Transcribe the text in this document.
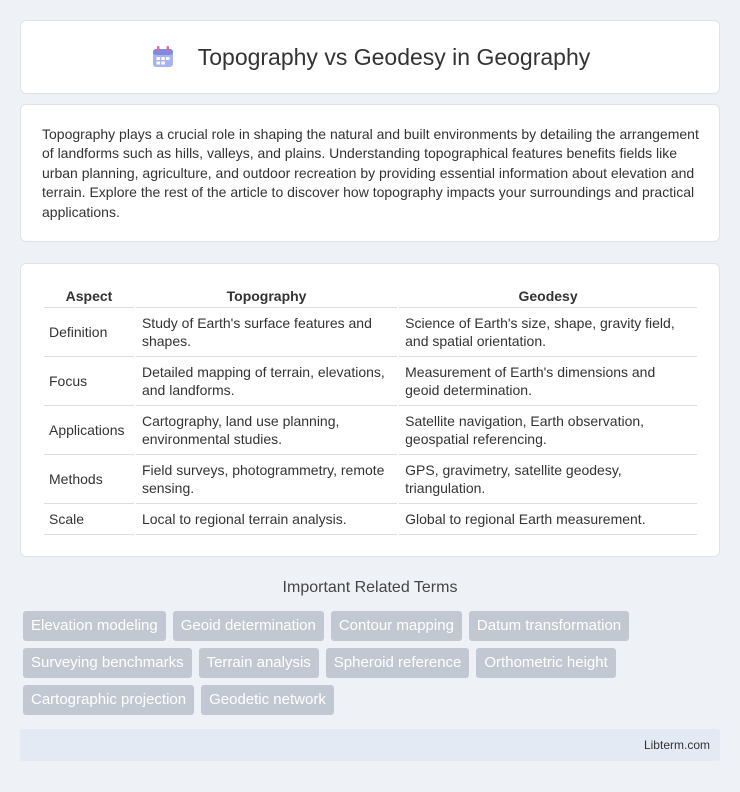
Topography vs Geodesy in Geography

Topography plays a crucial role in shaping the natural and built environments by detailing the arrangement of landforms such as hills, valleys, and plains. Understanding topographical features benefits fields like urban planning, agriculture, and outdoor recreation by providing essential information about elevation and terrain. Explore the rest of the article to discover how topography impacts your surroundings and practical applications.

Aspect	Topography	Geodesy
Definition	Study of Earth's surface features and shapes.	Science of Earth's size, shape, gravity field, and spatial orientation.
Focus	Detailed mapping of terrain, elevations, and landforms.	Measurement of Earth's dimensions and geoid determination.
Applications	Cartography, land use planning, environmental studies.	Satellite navigation, Earth observation, geospatial referencing.
Methods	Field surveys, photogrammetry, remote sensing.	GPS, gravimetry, satellite geodesy, triangulation.
Scale	Local to regional terrain analysis.	Global to regional Earth measurement.
Important Related Terms
Elevation modeling	Geoid determination	Contour mapping	Datum transformation
Surveying benchmarks	Terrain analysis	Spheroid reference	Orthometric height
Cartographic projection	Geodetic network
Libterm.com
